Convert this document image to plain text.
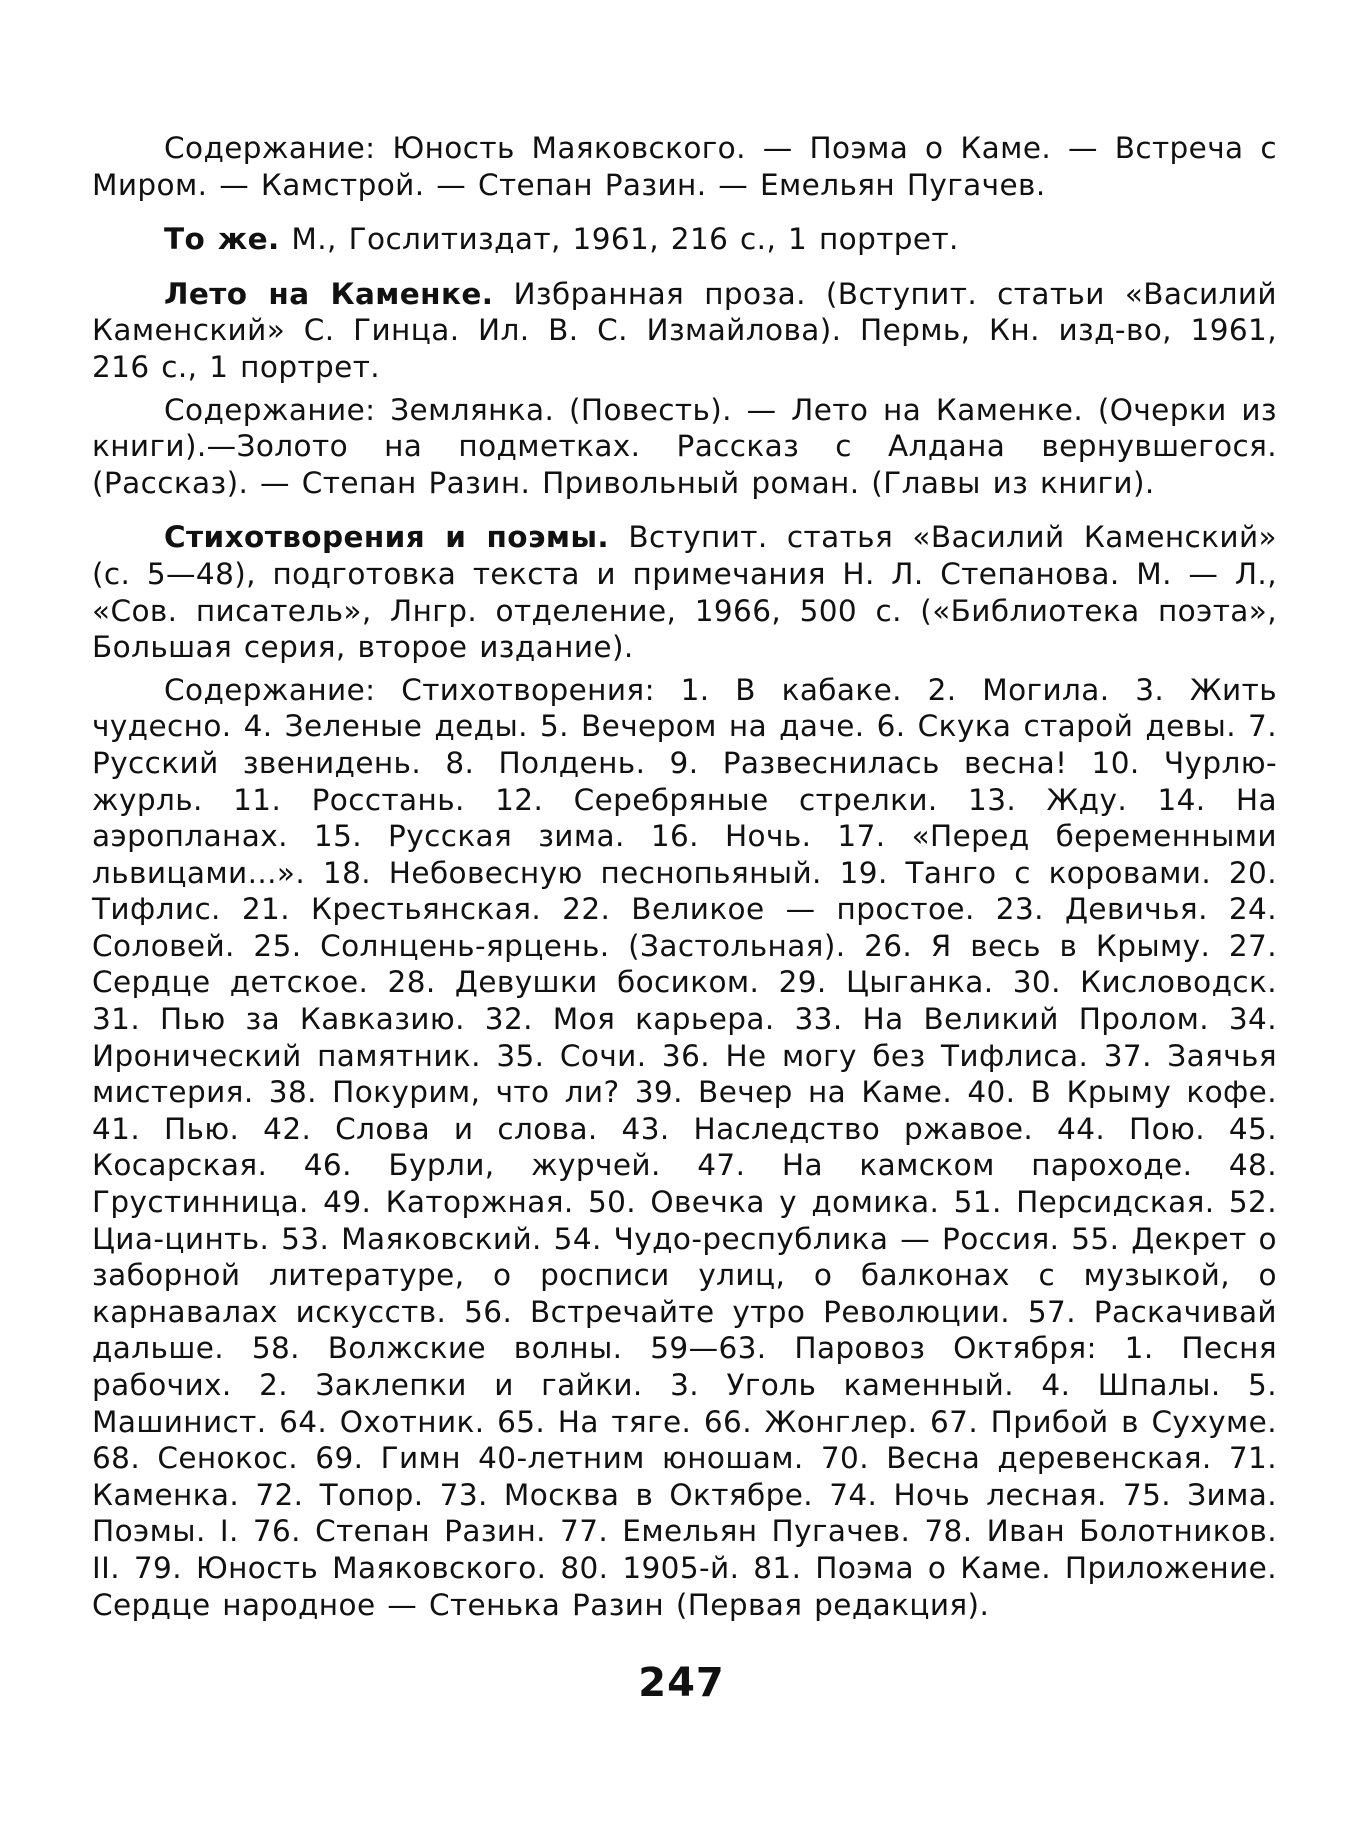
Содержание: Юность Маяковского. — Поэма о Каме. — Встреча с Миром. — Камстрой. — Степан Разин. — Емельян Пугачев.

То же. М., Гослитиздат, 1961, 216 с., 1 портрет.

Лето на Каменке. Избранная проза. (Вступит. статьи «Василий Каменский» С. Гинца. Ил. В. С. Измайлова). Пермь, Кн. изд-во, 1961, 216 с., 1 портрет.

Содержание: Землянка. (Повесть). — Лето на Каменке. (Очерки из книги).—Золото на подметках. Рассказ с Алдана вернувшегося. (Рассказ). — Степан Разин. Привольный роман. (Главы из книги).

Стихотворения и поэмы. Вступит. статья «Василий Каменский» (с. 5—48), подготовка текста и примечания Н. Л. Степанова. М. — Л., «Сов. писатель», Лнгр. отделение, 1966, 500 с. («Библиотека поэта», Большая серия, второе издание).

Содержание: Стихотворения: 1. В кабаке. 2. Могила. 3. Жить чудесно. 4. Зеленые деды. 5. Вечером на даче. 6. Скука старой девы. 7. Русский звенидень. 8. Полдень. 9. Развеснилась весна! 10. Чурлю-журль. 11. Росстань. 12. Серебряные стрелки. 13. Жду. 14. На аэропланах. 15. Русская зима. 16. Ночь. 17. «Перед беременными львицами...». 18. Небовесную песнопьяный. 19. Танго с коровами. 20. Тифлис. 21. Крестьянская. 22. Великое — простое. 23. Девичья. 24. Соловей. 25. Солнцень-ярцень. (Застольная). 26. Я весь в Крыму. 27. Сердце детское. 28. Девушки босиком. 29. Цыганка. 30. Кисловодск. 31. Пью за Кавказию. 32. Моя карьера. 33. На Великий Пролом. 34. Иронический памятник. 35. Сочи. 36. Не могу без Тифлиса. 37. Заячья мистерия. 38. Покурим, что ли? 39. Вечер на Каме. 40. В Крыму кофе. 41. Пью. 42. Слова и слова. 43. Наследство ржавое. 44. Пою. 45. Косарская. 46. Бурли, журчей. 47. На камском пароходе. 48. Грустинница. 49. Каторжная. 50. Овечка у домика. 51. Персидская. 52. Циа-цинть. 53. Маяковский. 54. Чудо-республика — Россия. 55. Декрет о заборной литературе, о росписи улиц, о балконах с музыкой, о карнавалах искусств. 56. Встречайте утро Революции. 57. Раскачивай дальше. 58. Волжские волны. 59—63. Паровоз Октября: 1. Песня рабочих. 2. Заклепки и гайки. 3. Уголь каменный. 4. Шпалы. 5. Машинист. 64. Охотник. 65. На тяге. 66. Жонглер. 67. Прибой в Сухуме. 68. Сенокос. 69. Гимн 40-летним юношам. 70. Весна деревенская. 71. Каменка. 72. Топор. 73. Москва в Октябре. 74. Ночь лесная. 75. Зима. Поэмы. I. 76. Степан Разин. 77. Емельян Пугачев. 78. Иван Болотников. II. 79. Юность Маяковского. 80. 1905-й. 81. Поэма о Каме. Приложение. Сердце народное — Стенька Разин (Первая редакция).

247
